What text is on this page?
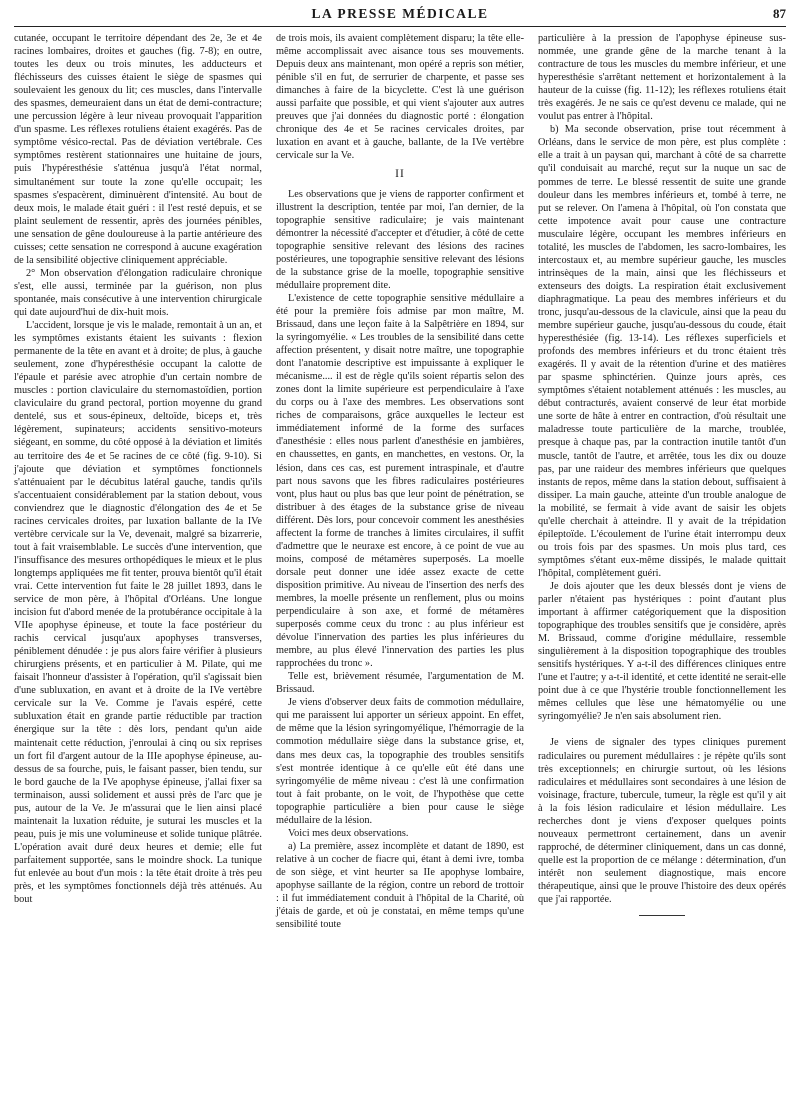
LA PRESSE MÉDICALE	87

cutanée, occupant le territoire dépendant des 2e, 3e et 4e racines lombaires, droites et gauches (fig. 7-8); en outre, toutes les deux ou trois minutes, les adducteurs et fléchisseurs des cuisses étaient le siège de spasmes qui soulevaient les genoux du lit; ces muscles, dans l'intervalle des spasmes, demeuraient dans un état de demi-contracture; une percussion légère à leur niveau provoquait l'apparition d'un spasme. Les réflexes rotuliens étaient exagérés. Pas de symptôme vésico-rectal. Pas de déviation vertébrale. Ces symptômes restèrent stationnaires une huitaine de jours, puis l'hypéresthésie s'atténua jusqu'à l'état normal, simultanément sur toute la zone qu'elle occupait; les spasmes s'espacèrent, diminuèrent d'intensité. Au bout de deux mois, le malade était guéri : il l'est resté depuis, et se plaint seulement de ressentir, après des journées pénibles, une sensation de gêne douloureuse à la partie antérieure des cuisses; cette sensation ne correspond à aucune exagération de la sensibilité objective cliniquement appréciable.

2° Mon observation d'élongation radiculaire chronique s'est, elle aussi, terminée par la guérison, non plus spontanée, mais consécutive à une intervention chirurgicale qui date aujourd'hui de dix-huit mois.

L'accident, lorsque je vis le malade, remontait à un an, et les symptômes existants étaient les suivants : flexion permanente de la tête en avant et à droite; de plus, à gauche seulement, zone d'hypéresthésie occupant la calotte de l'épaule et parésie avec atrophie d'un certain nombre de muscles : portion claviculaire du sternomastoïdien, portion claviculaire du grand pectoral, portion moyenne du grand dentelé, sus et sous-épineux, deltoïde, biceps et, très légèrement, supinateurs; accidents sensitivo-moteurs siégeant, en somme, du côté opposé à la déviation et limités au territoire des 4e et 5e racines de ce côté (fig. 9-10). Si j'ajoute que déviation et symptômes fonctionnels s'atténuaient par le décubitus latéral gauche, tandis qu'ils s'accentuaient considérablement par la station debout, vous conviendrez que le diagnostic d'élongation des 4e et 5e racines cervicales droites, par luxation ballante de la IVe vertèbre cervicale sur la Ve, devenait, malgré sa bizarrerie, tout à fait vraisemblable. Le succès d'une intervention, que l'insuffisance des mesures orthopédiques le mieux et le plus longtemps appliquées me fit tenter, prouva bientôt qu'il était vrai. Cette intervention fut faite le 28 juillet 1893, dans le service de mon père, à l'hôpital d'Orléans. Une longue incision fut d'abord menée de la protubérance occipitale à la VIIe apophyse épineuse, et toute la face postérieur du rachis cervical jusqu'aux apophyses transverses, péniblement dénudée : je pus alors faire vérifier à plusieurs chirurgiens présents, et en particulier à M. Pilate, qui me faisait l'honneur d'assister à l'opération, qu'il s'agissait bien d'une subluxation, en avant et à droite de la IVe vertèbre cervicale sur la Ve. Comme je l'avais espéré, cette subluxation était en grande partie réductible par traction énergique sur la tête : dès lors, pendant qu'un aide maintenait cette réduction, j'enroulai à cinq ou six reprises un fort fil d'argent autour de la IIIe apophyse épineuse, au-dessus de sa fourche, puis, le faisant passer, bien tendu, sur le bord gauche de la IVe apophyse épineuse, j'allai fixer sa terminaison, aussi solidement et aussi près de l'arc que je pus, autour de la Ve. Je m'assurai que le lien ainsi placé maintenait la luxation réduite, je suturai les muscles et la peau, puis je mis une volumineuse et solide tunique plâtrée. L'opération avait duré deux heures et demie; elle fut parfaitement supportée, sans le moindre shock. La tunique fut enlevée au bout d'un mois : la tête était droite à très peu près, et les symptômes fonctionnels déjà très atténués. Au bout

de trois mois, ils avaient complètement disparu; la tête elle-même accomplissait avec aisance tous ses mouvements. Depuis deux ans maintenant, mon opéré a repris son métier, pénible s'il en fut, de serrurier de charpente, et passe ses dimanches à faire de la bicyclette. C'est là une guérison aussi parfaite que possible, et qui vient s'ajouter aux autres preuves que j'ai données du diagnostic porté : élongation chronique des 4e et 5e racines cervicales droites, par luxation en avant et à gauche, ballante, de la IVe vertèbre cervicale sur la Ve.

II

Les observations que je viens de rapporter confirment et illustrent la description, tentée par moi, l'an dernier, de la topographie sensitive radiculaire; je vais maintenant démontrer la nécessité d'accepter et d'étudier, à côté de cette topographie sensitive relevant des lésions des racines postérieures, une topographie sensitive relevant des lésions de la substance grise de la moelle, topographie sensitive médullaire proprement dite.

L'existence de cette topographie sensitive médullaire a été pour la première fois admise par mon maître, M. Brissaud, dans une leçon faite à la Salpêtrière en 1894, sur la syringomyélie. « Les troubles de la sensibilité dans cette affection présentent, y disait notre maître, une topographie dont l'anatomie descriptive est impuissante à expliquer le mécanisme.... il est de règle qu'ils soient répartis selon des zones dont la limite supérieure est perpendiculaire à l'axe du corps ou à l'axe des membres. Les observations sont riches de comparaisons, grâce auxquelles le lecteur est immédiatement informé de la forme des surfaces d'anesthésie : elles nous parlent d'anesthésie en jambières, en chaussettes, en gants, en manchettes, en vestons. Or, la lésion, dans ces cas, est purement intraspinale, et d'autre part nous savons que les fibres radiculaires postérieures vont, plus haut ou plus bas que leur point de pénétration, se distribuer à des étages de la substance grise de niveau différent. Dès lors, pour concevoir comment les anesthésies affectent la forme de tranches à limites circulaires, il suffit d'admettre que le neuraxe est encore, à ce point de vue au moins, composé de métamères superposés. La moelle dorsale peut donner une idée assez exacte de cette disposition primitive. Au niveau de l'insertion des nerfs des membres, la moelle présente un renflement, plus ou moins perpendiculaire à son axe, et formé de métamères superposés comme ceux du tronc : au plus inférieur est dévolue l'innervation des parties les plus inférieures du membre, au plus élevé l'innervation des parties les plus rapprochées du tronc ».

Telle est, brièvement résumée, l'argumentation de M. Brissaud.

Je viens d'observer deux faits de commotion médullaire, qui me paraissent lui apporter un sérieux appoint. En effet, de même que la lésion syringomyélique, l'hémorragie de la commotion médullaire siège dans la substance grise, et, dans mes deux cas, la topographie des troubles sensitifs s'est montrée identique à ce qu'elle eût été dans une syringomyélie de même niveau : c'est là une confirmation tout à fait probante, on le voit, de l'hypothèse que cette topographie particulière a bien pour cause le siège médullaire de la lésion.

Voici mes deux observations.

a) La première, assez incomplète et datant de 1890, est relative à un cocher de fiacre qui, étant à demi ivre, tomba de son siège, et vint heurter sa IIe apophyse lombaire, apophyse saillante de la région, contre un rebord de trottoir : il fut immédiatement conduit à l'hôpital de la Charité, où j'étais de garde, et où je constatai, en même temps qu'une sensibilité toute

particulière à la pression de l'apophyse épineuse sus-nommée, une grande gêne de la marche tenant à la contracture de tous les muscles du membre inférieur, et une hyperesthésie s'arrêtant nettement et horizontalement à la hauteur de la cuisse (fig. 11-12); les réflexes rotuliens était très exagérés. Je ne sais ce qu'est devenu ce malade, qui ne voulut pas entrer à l'hôpital.

b) Ma seconde observation, prise tout récemment à Orléans, dans le service de mon père, est plus complète : elle a trait à un paysan qui, marchant à côté de sa charrette qu'il conduisait au marché, reçut sur la nuque un sac de pommes de terre. Le blessé ressentit de suite une grande douleur dans les membres inférieurs et, tombé à terre, ne put se relever. On l'amena à l'hôpital, où l'on constata que cette impotence avait pour cause une contracture musculaire légère, occupant les membres inférieurs en totalité, les muscles de l'abdomen, les sacro-lombaires, les intercostaux et, au membre supérieur gauche, les muscles intrinsèques de la main, ainsi que les fléchisseurs et extenseurs des doigts. La respiration était exclusivement diaphragmatique. La peau des membres inférieurs et du tronc, jusqu'au-dessous de la clavicule, ainsi que la peau du membre supérieur gauche, jusqu'au-dessous du coude, était hyperesthésiée (fig. 13-14). Les réflexes superficiels et profonds des membres inférieurs et du tronc étaient très exagérés. Il y avait de la rétention d'urine et des matières par spasme sphinctérien. Quinze jours après, ces symptômes s'étaient notablement atténués : les muscles, au début contracturés, avaient conservé de leur état morbide une sorte de hâte à entrer en contraction, d'où résultait une maladresse toute particulière de la marche, troublée, presque à chaque pas, par la contraction inutile tantôt d'un muscle, tantôt de l'autre, et arrêtée, tous les dix ou douze pas, par une raideur des membres inférieurs que quelques instants de repos, même dans la station debout, suffisaient à dissiper. La main gauche, atteinte d'un trouble analogue de la mobilité, se fermait à vide avant de saisir les objets qu'elle cherchait à atteindre. Il y avait de la trépidation épileptoïde. L'écoulement de l'urine était interrompu deux ou trois fois par des spasmes. Un mois plus tard, ces symptômes s'étant eux-même dissipés, le malade quittait l'hôpital, complètement guéri.

Je dois ajouter que les deux blessés dont je viens de parler n'étaient pas hystériques : point d'autant plus important à affirmer catégoriquement que la disposition topographique des troubles sensitifs que je considère, après M. Brissaud, comme d'origine médullaire, ressemble singulièrement à la disposition topographique des troubles sensitifs hystériques. Y a-t-il des différences cliniques entre l'une et l'autre; y a-t-il identité, et cette identité ne serait-elle point due à ce que l'hystérie trouble fonctionnellement les mêmes cellules que lèse une hématomyélie ou une syringomyélie? Je n'en sais absolument rien.

Je viens de signaler des types cliniques purement radiculaires ou purement médullaires : je répète qu'ils sont très exceptionnels; en chirurgie surtout, où les lésions radiculaires et médullaires sont secondaires à une lésion de voisinage, fracture, tubercule, tumeur, la règle est qu'il y ait à la fois lésion radiculaire et lésion médullaire. Les recherches dont je viens d'exposer quelques points nouveaux permettront certainement, dans un avenir rapproché, de déterminer cliniquement, dans un cas donné, quelle est la proportion de ce mélange : détermination, d'un intérêt non seulement diagnostique, mais encore thérapeutique, ainsi que le prouve l'histoire des deux opérés que j'ai rapportée.
